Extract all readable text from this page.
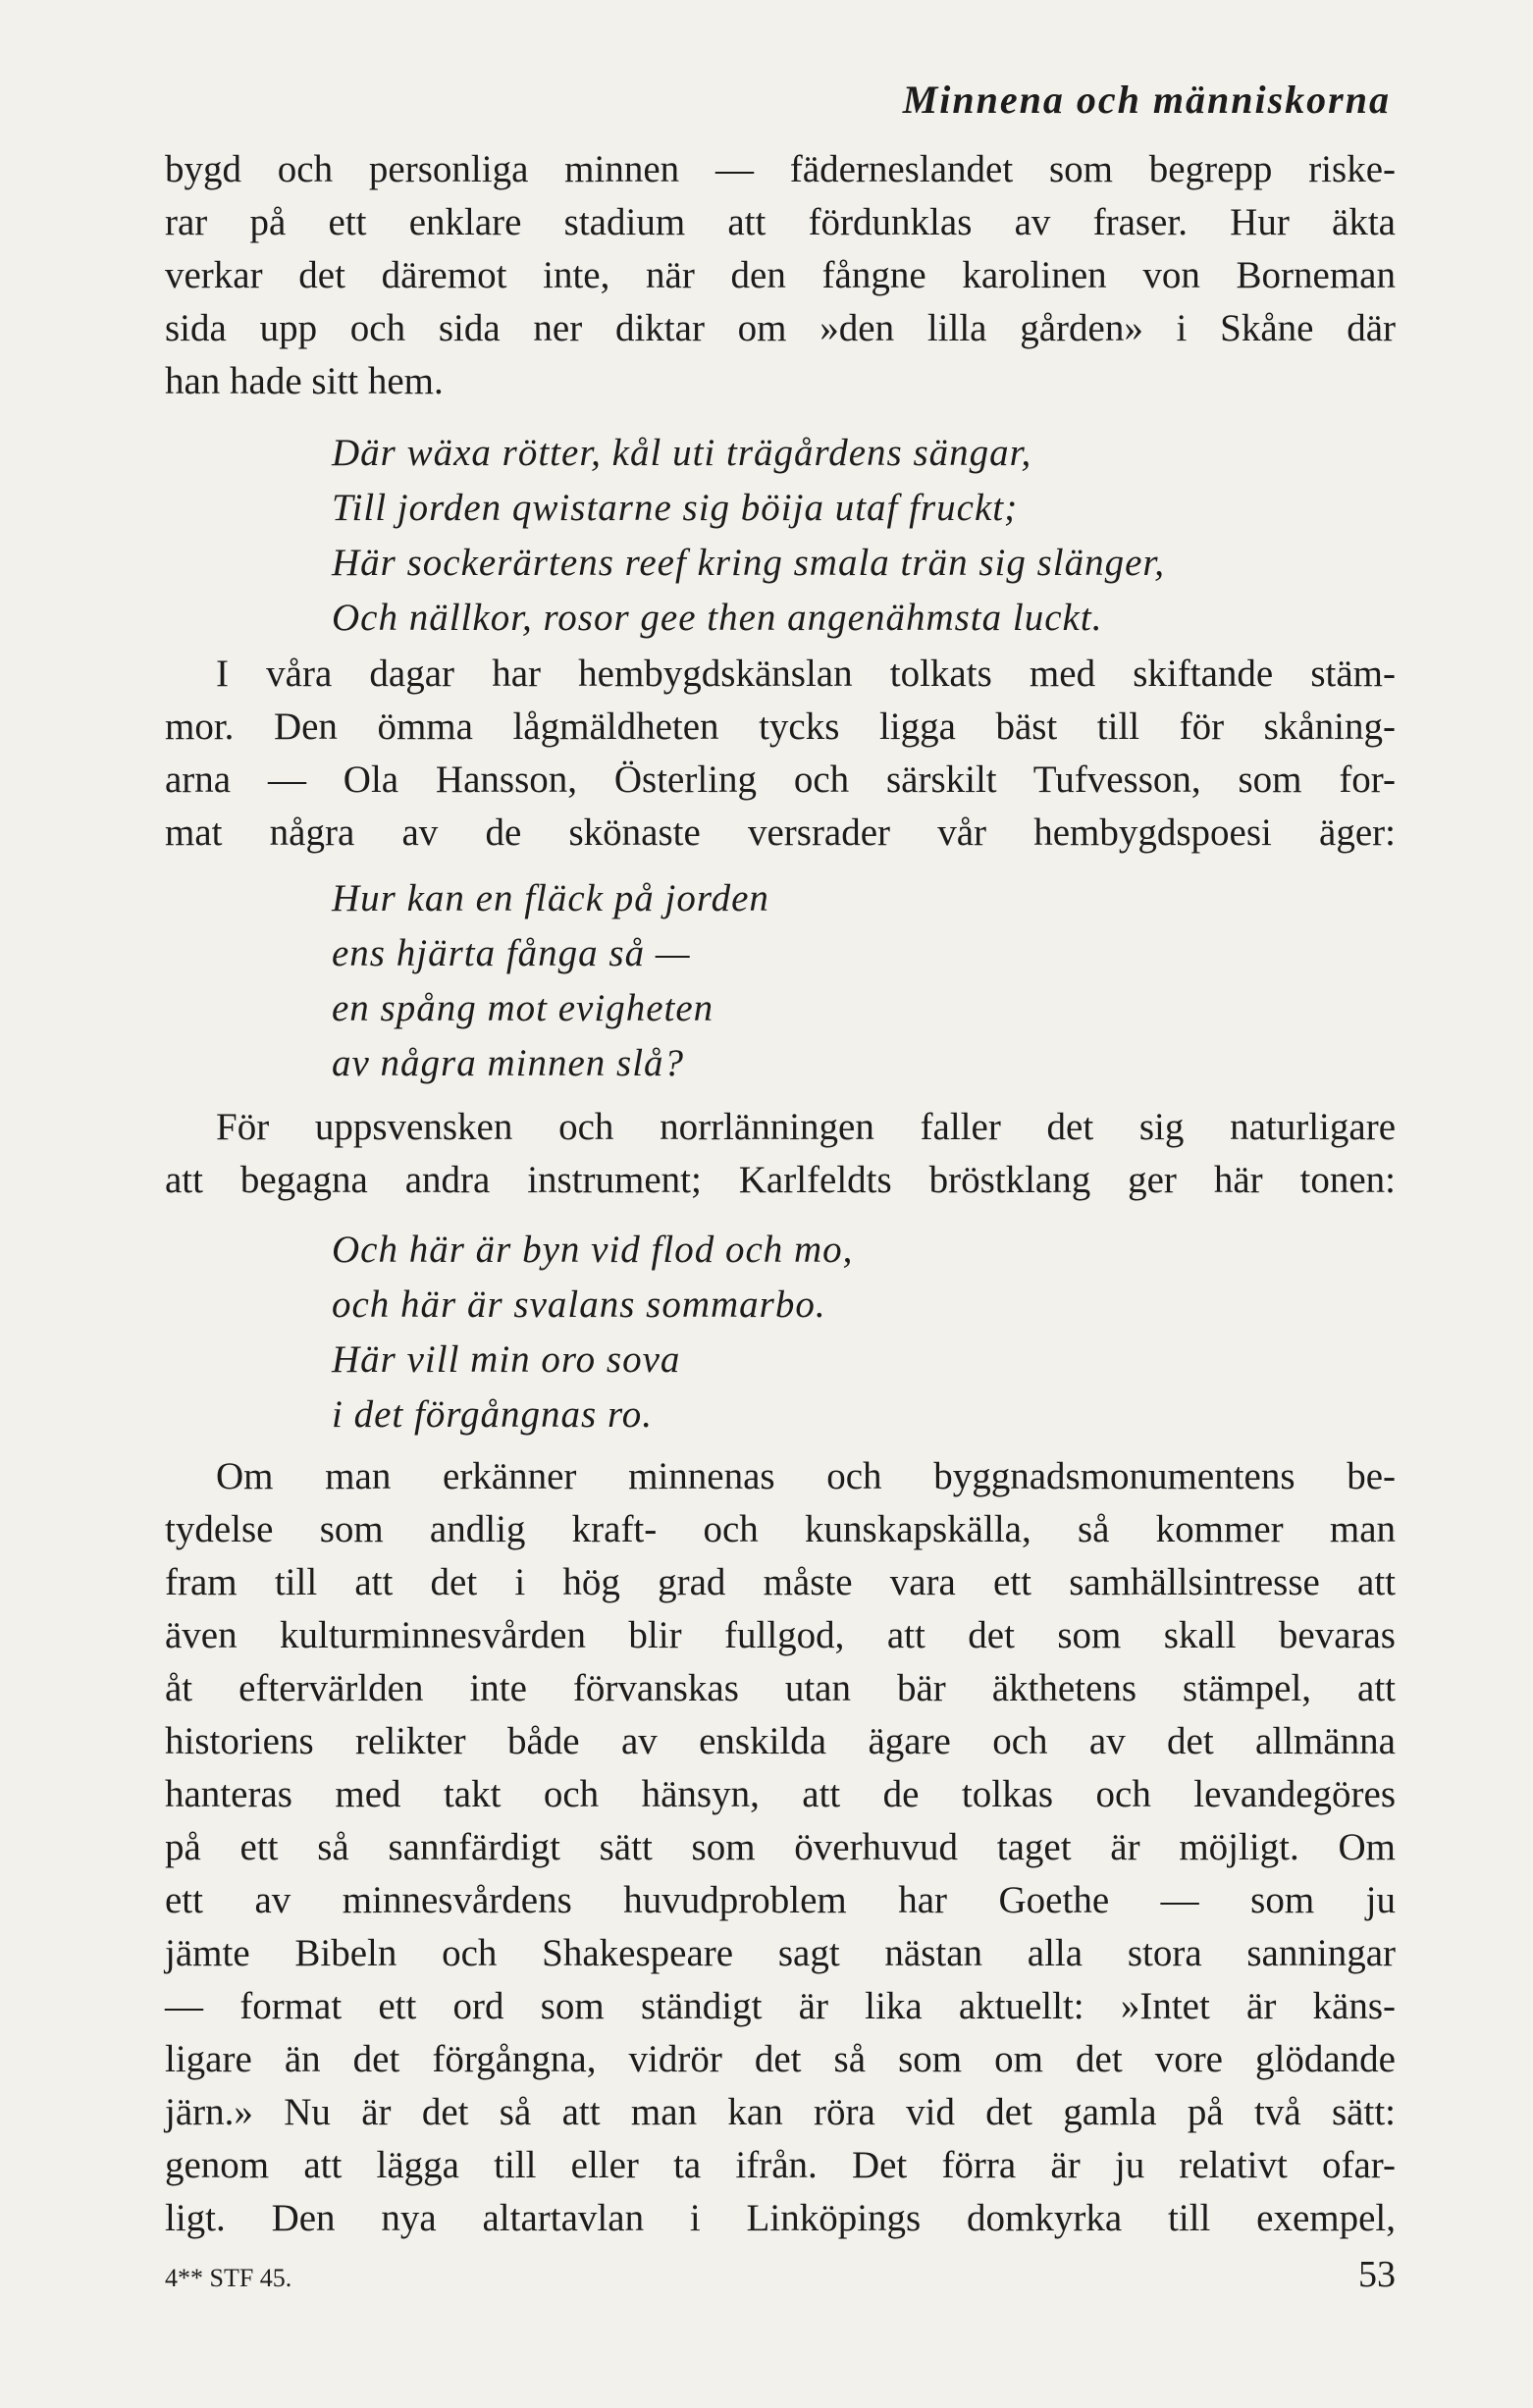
Minnena och människorna

bygd och personliga minnen — fäderneslandet som begrepp riske-
rar på ett enklare stadium att fördunklas av fraser. Hur äkta
verkar det däremot inte, när den fångne karolinen von Borneman
sida upp och sida ner diktar om »den lilla gården» i Skåne där
han hade sitt hem.

Där wäxa rötter, kål uti trägårdens sängar,
Till jorden qwistarne sig böija utaf fruckt;
Här sockerärtens reef kring smala trän sig slänger,
Och nällkor, rosor gee then angenähmsta luckt.

I våra dagar har hembygdskänslan tolkats med skiftande stäm-
mor. Den ömma lågmäldheten tycks ligga bäst till för skåning-
arna — Ola Hansson, Österling och särskilt Tufvesson, som for-
mat några av de skönaste versrader vår hembygdspoesi äger:

Hur kan en fläck på jorden
ens hjärta fånga så —
en spång mot evigheten
av några minnen slå?

För uppsvensken och norrlänningen faller det sig naturligare
att begagna andra instrument; Karlfeldts bröstklang ger här tonen:

Och här är byn vid flod och mo,
och här är svalans sommarbo.
Här vill min oro sova
i det förgångnas ro.

Om man erkänner minnenas och byggnadsmonumentens be-
tydelse som andlig kraft- och kunskapskälla, så kommer man
fram till att det i hög grad måste vara ett samhällsintresse att
även kulturminnesvården blir fullgod, att det som skall bevaras
åt eftervärlden inte förvanskas utan bär äkthetens stämpel, att
historiens relikter både av enskilda ägare och av det allmänna
hanteras med takt och hänsyn, att de tolkas och levandegöres
på ett så sannfärdigt sätt som överhuvud taget är möjligt. Om
ett av minnesvårdens huvudproblem har Goethe — som ju
jämte Bibeln och Shakespeare sagt nästan alla stora sanningar
— format ett ord som ständigt är lika aktuellt: »Intet är käns-
ligare än det förgångna, vidrör det så som om det vore glödande
järn.» Nu är det så att man kan röra vid det gamla på två sätt:
genom att lägga till eller ta ifrån. Det förra är ju relativt ofar-
ligt. Den nya altartavlan i Linköpings domkyrka till exempel,

4** STF 45.	53
